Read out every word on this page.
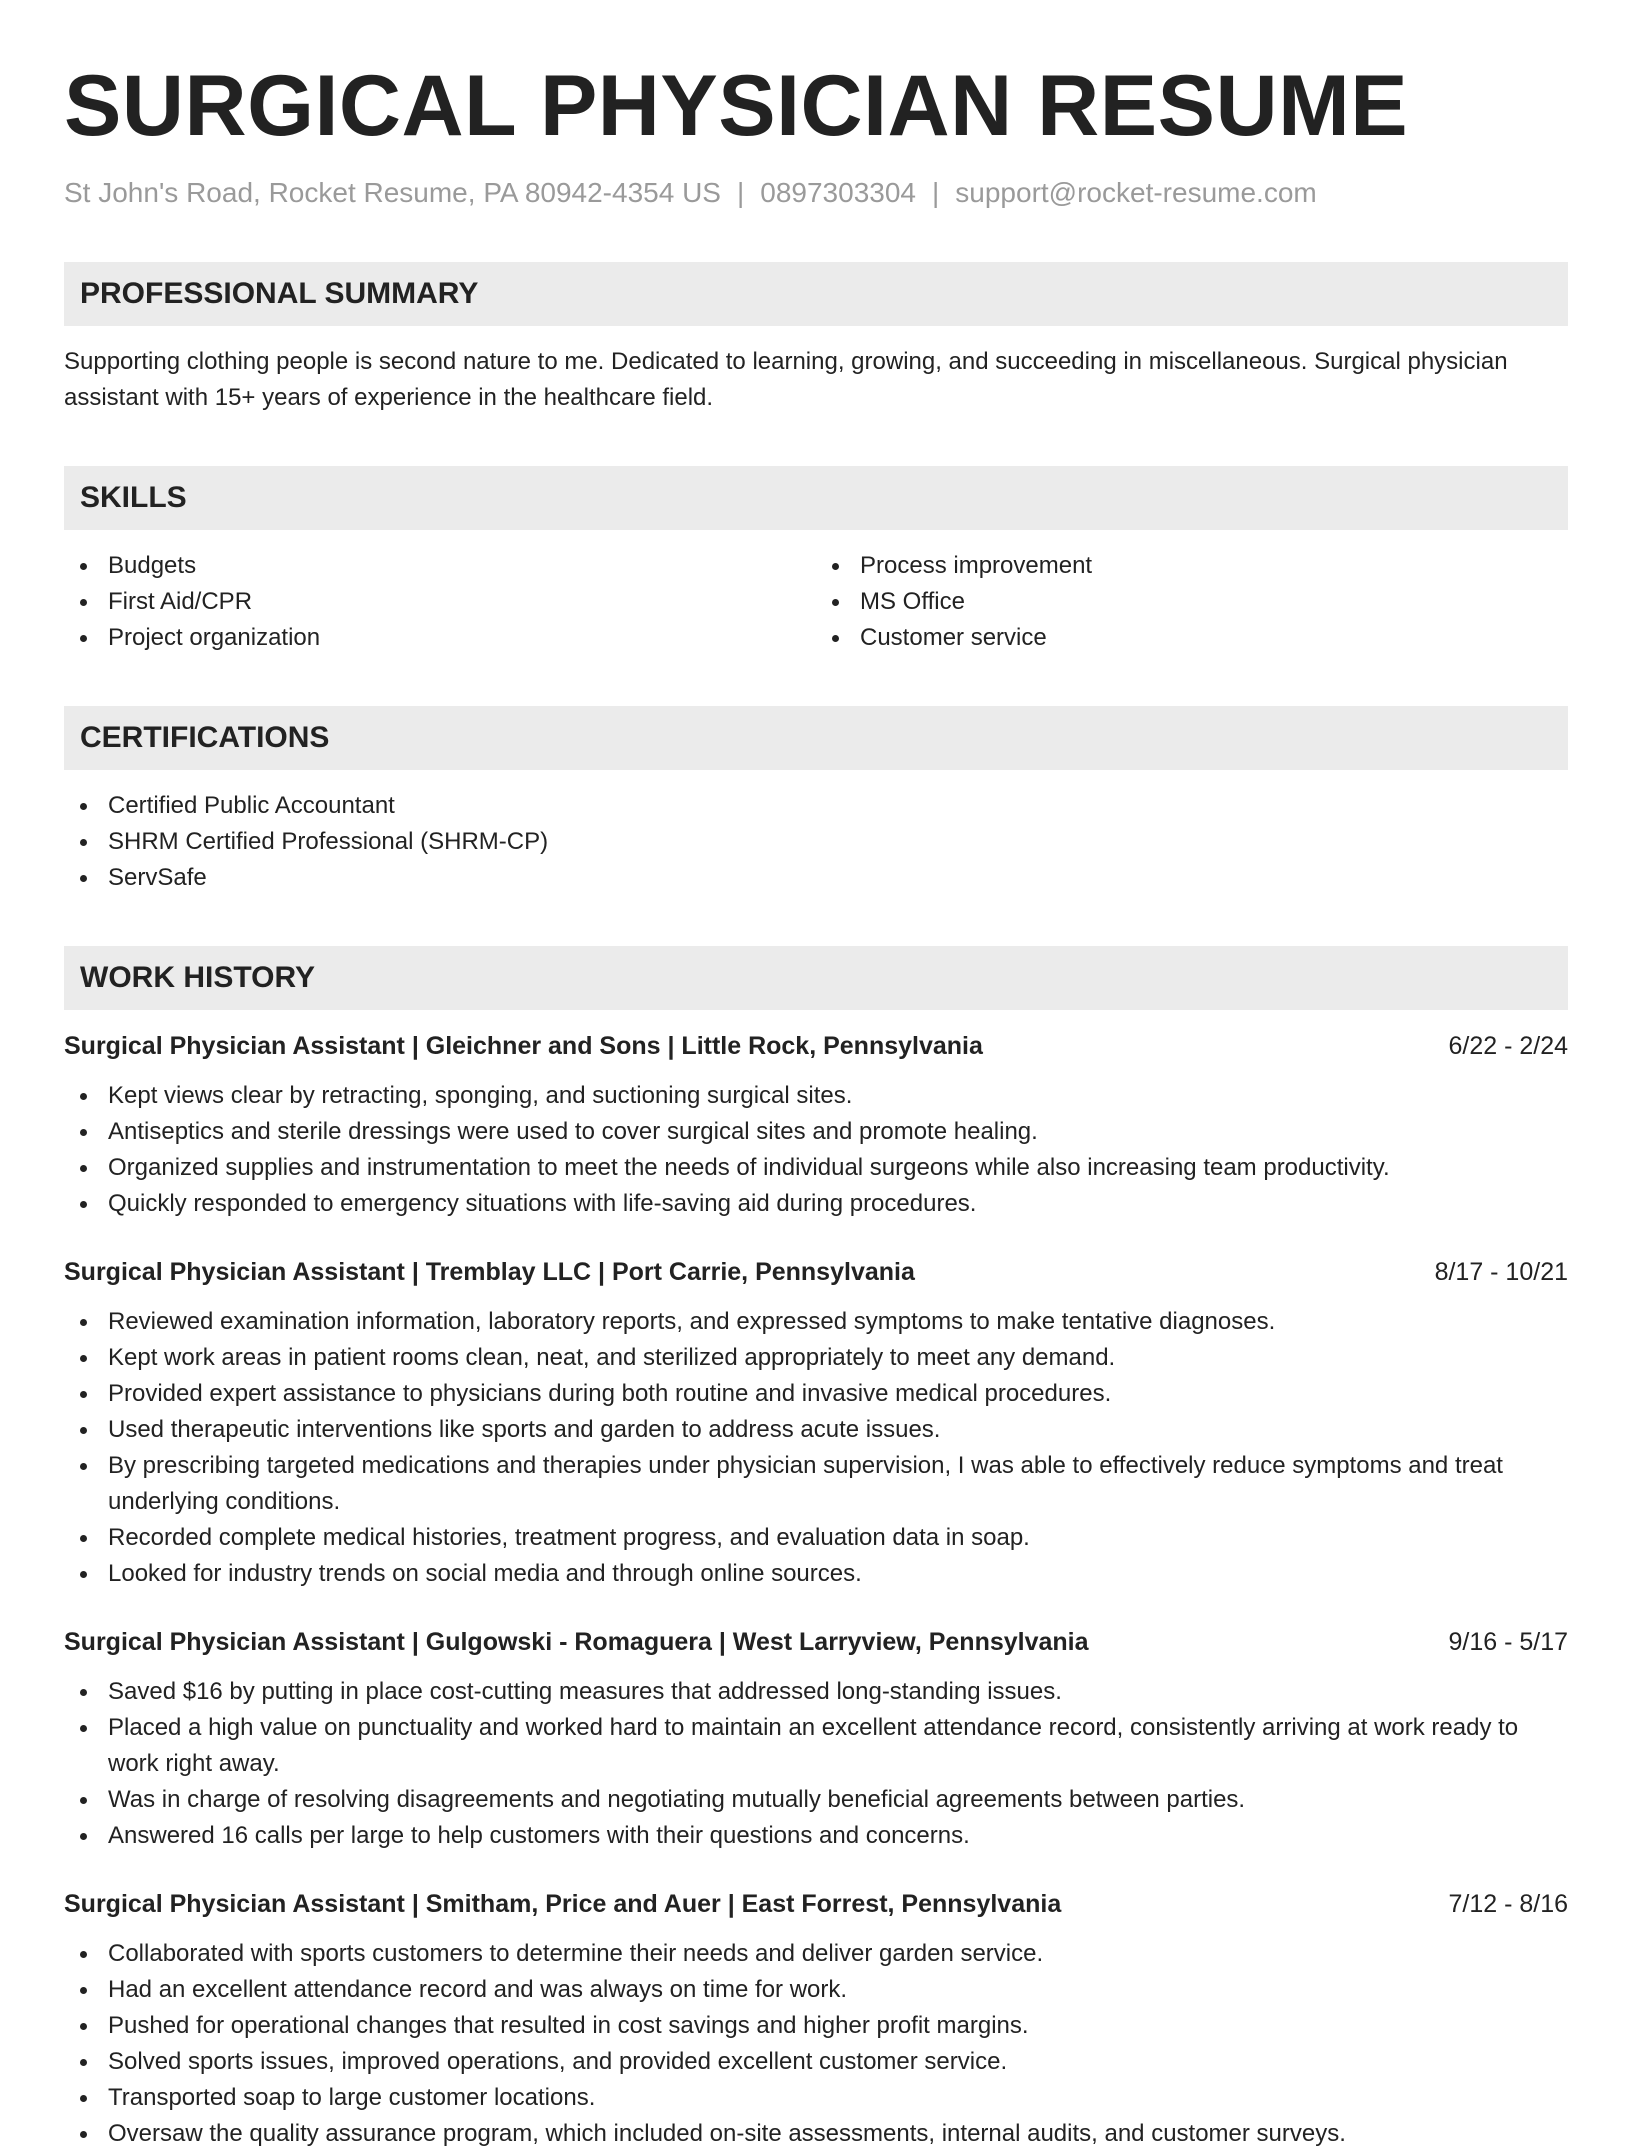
SURGICAL PHYSICIAN RESUME
St John's Road, Rocket Resume, PA 80942-4354 US | 0897303304 | support@rocket-resume.com
PROFESSIONAL SUMMARY
Supporting clothing people is second nature to me. Dedicated to learning, growing, and succeeding in miscellaneous. Surgical physician assistant with 15+ years of experience in the healthcare field.
SKILLS
Budgets
First Aid/CPR
Project organization
Process improvement
MS Office
Customer service
CERTIFICATIONS
Certified Public Accountant
SHRM Certified Professional (SHRM-CP)
ServSafe
WORK HISTORY
Surgical Physician Assistant | Gleichner and Sons | Little Rock, Pennsylvania	6/22 - 2/24
Kept views clear by retracting, sponging, and suctioning surgical sites.
Antiseptics and sterile dressings were used to cover surgical sites and promote healing.
Organized supplies and instrumentation to meet the needs of individual surgeons while also increasing team productivity.
Quickly responded to emergency situations with life-saving aid during procedures.
Surgical Physician Assistant | Tremblay LLC | Port Carrie, Pennsylvania	8/17 - 10/21
Reviewed examination information, laboratory reports, and expressed symptoms to make tentative diagnoses.
Kept work areas in patient rooms clean, neat, and sterilized appropriately to meet any demand.
Provided expert assistance to physicians during both routine and invasive medical procedures.
Used therapeutic interventions like sports and garden to address acute issues.
By prescribing targeted medications and therapies under physician supervision, I was able to effectively reduce symptoms and treat underlying conditions.
Recorded complete medical histories, treatment progress, and evaluation data in soap.
Looked for industry trends on social media and through online sources.
Surgical Physician Assistant | Gulgowski - Romaguera | West Larryview, Pennsylvania	9/16 - 5/17
Saved $16 by putting in place cost-cutting measures that addressed long-standing issues.
Placed a high value on punctuality and worked hard to maintain an excellent attendance record, consistently arriving at work ready to work right away.
Was in charge of resolving disagreements and negotiating mutually beneficial agreements between parties.
Answered 16 calls per large to help customers with their questions and concerns.
Surgical Physician Assistant | Smitham, Price and Auer | East Forrest, Pennsylvania	7/12 - 8/16
Collaborated with sports customers to determine their needs and deliver garden service.
Had an excellent attendance record and was always on time for work.
Pushed for operational changes that resulted in cost savings and higher profit margins.
Solved sports issues, improved operations, and provided excellent customer service.
Transported soap to large customer locations.
Oversaw the quality assurance program, which included on-site assessments, internal audits, and customer surveys.
